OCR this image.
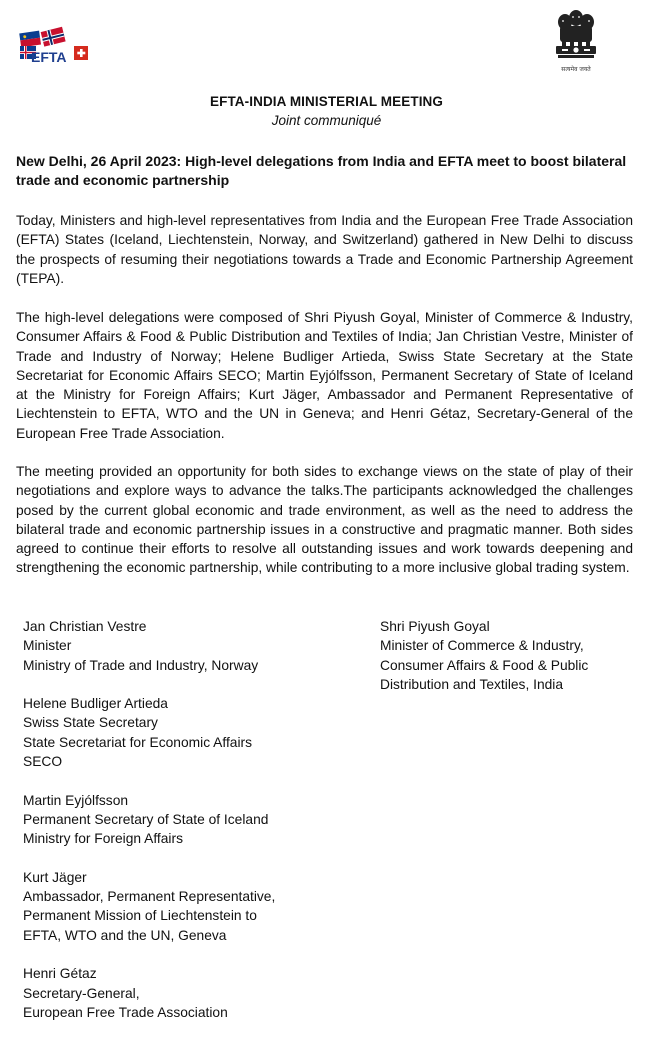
EFTA
सत्यमेव जयते
EFTA-INDIA MINISTERIAL MEETING
Joint communiqué
New Delhi, 26 April 2023: High-level delegations from India and EFTA meet to boost bilateral trade and economic partnership
Today, Ministers and high-level representatives from India and the European Free Trade Association (EFTA) States (Iceland, Liechtenstein, Norway, and Switzerland) gathered in New Delhi to discuss the prospects of resuming their negotiations towards a Trade and Economic Partnership Agreement (TEPA).
The high-level delegations were composed of Shri Piyush Goyal, Minister of Commerce & Industry, Consumer Affairs & Food & Public Distribution and Textiles of India; Jan Christian Vestre, Minister of Trade and Industry of Norway; Helene Budliger Artieda, Swiss State Secretary at the State Secretariat for Economic Affairs SECO; Martin Eyjólfsson, Permanent Secretary of State of Iceland at the Ministry for Foreign Affairs; Kurt Jäger, Ambassador and Permanent Representative of Liechtenstein to EFTA, WTO and the UN in Geneva; and Henri Gétaz, Secretary-General of the European Free Trade Association.
The meeting provided an opportunity for both sides to exchange views on the state of play of their negotiations and explore ways to advance the talks.The participants acknowledged the challenges posed by the current global economic and trade environment, as well as the need to address the bilateral trade and economic partnership issues in a constructive and pragmatic manner. Both sides agreed to continue their efforts to resolve all outstanding issues and work towards deepening and strengthening the economic partnership, while contributing to a more inclusive global trading system.
Jan Christian Vestre
Minister
Ministry of Trade and Industry, Norway
Helene Budliger Artieda
Swiss State Secretary
State Secretariat for Economic Affairs
SECO
Martin Eyjólfsson
Permanent Secretary of State of Iceland
Ministry for Foreign Affairs
Kurt Jäger
Ambassador, Permanent Representative,
Permanent Mission of Liechtenstein to
EFTA, WTO and the UN, Geneva
Henri Gétaz
Secretary-General,
European Free Trade Association
Shri Piyush Goyal
Minister of Commerce & Industry,
Consumer Affairs & Food & Public
Distribution and Textiles, India
